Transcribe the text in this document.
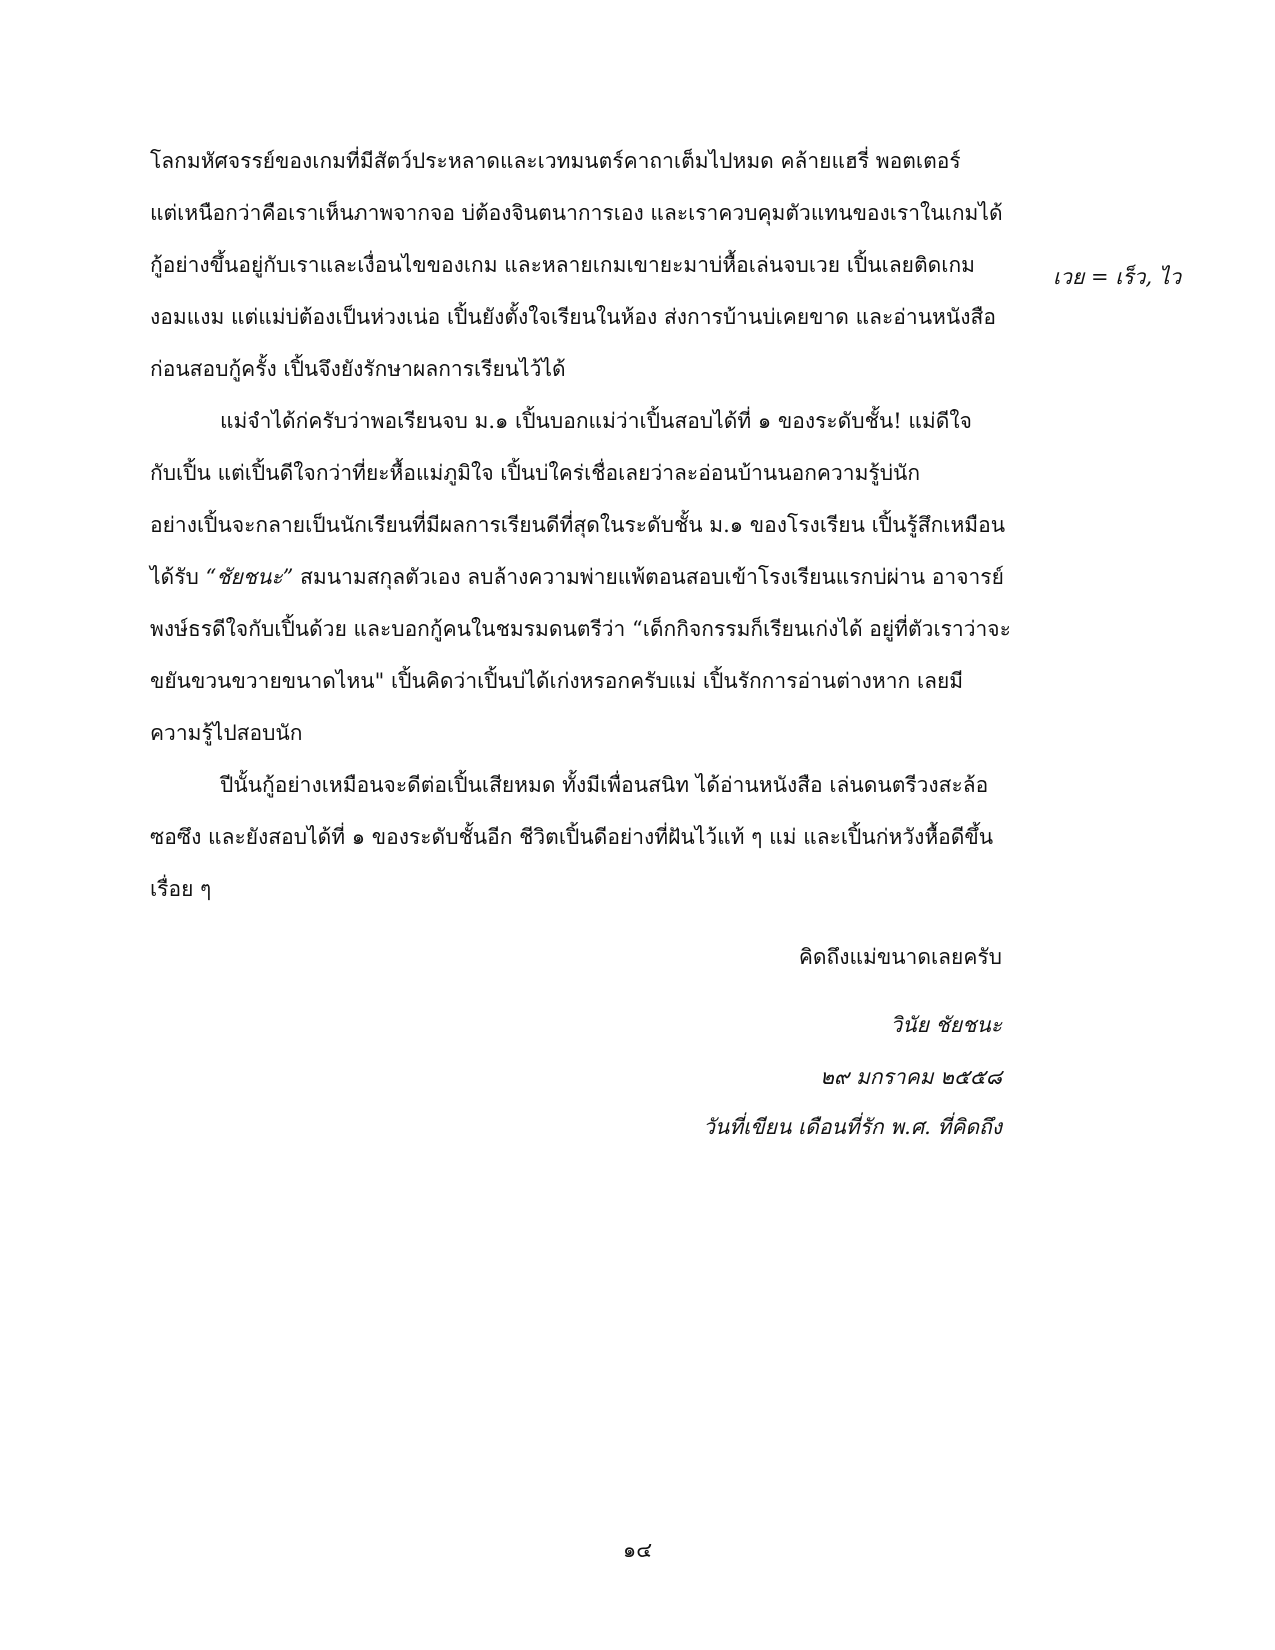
โลกมหัศจรรย์ของเกมที่มีสัตว์ประหลาดและเวทมนตร์คาถาเต็มไปหมด คล้ายแฮรี่ พอตเตอร์
แต่เหนือกว่าคือเราเห็นภาพจากจอ บ่ต้องจินตนาการเอง และเราควบคุมตัวแทนของเราในเกมได้
กู้อย่างขึ้นอยู่กับเราและเงื่อนไขของเกม และหลายเกมเขายะมาบ่หื้อเล่นจบเวย เปิ้นเลยติดเกม
งอมแงม แต่แม่บ่ต้องเป็นห่วงเน่อ เปิ้นยังตั้งใจเรียนในห้อง ส่งการบ้านบ่เคยขาด และอ่านหนังสือ
ก่อนสอบกู้ครั้ง เปิ้นจึงยังรักษาผลการเรียนไว้ได้
เวย = เร็ว, ไว
แม่จำได้ก่ครับว่าพอเรียนจบ ม.๑ เปิ้นบอกแม่ว่าเปิ้นสอบได้ที่ ๑ ของระดับชั้น! แม่ดีใจ
กับเปิ้น แต่เปิ้นดีใจกว่าที่ยะหื้อแม่ภูมิใจ เปิ้นบ่ใคร่เชื่อเลยว่าละอ่อนบ้านนอกความรู้บ่นัก
อย่างเปิ้นจะกลายเป็นนักเรียนที่มีผลการเรียนดีที่สุดในระดับชั้น ม.๑ ของโรงเรียน เปิ้นรู้สึกเหมือน
ได้รับ “ชัยชนะ” สมนามสกุลตัวเอง ลบล้างความพ่ายแพ้ตอนสอบเข้าโรงเรียนแรกบ่ผ่าน อาจารย์
พงษ์ธรดีใจกับเปิ้นด้วย และบอกกู้คนในชมรมดนตรีว่า “เด็กกิจกรรมก็เรียนเก่งได้ อยู่ที่ตัวเราว่าจะ
ขยันขวนขวายขนาดไหน" เปิ้นคิดว่าเปิ้นบ่ได้เก่งหรอกครับแม่ เปิ้นรักการอ่านต่างหาก เลยมี
ความรู้ไปสอบนัก
ปีนั้นกู้อย่างเหมือนจะดีต่อเปิ้นเสียหมด ทั้งมีเพื่อนสนิท ได้อ่านหนังสือ เล่นดนตรีวงสะล้อ
ซอซึง และยังสอบได้ที่ ๑ ของระดับชั้นอีก ชีวิตเปิ้นดีอย่างที่ฝันไว้แท้ ๆ แม่ และเปิ้นก่หวังหื้อดีขึ้น
เรื่อย ๆ
คิดถึงแม่ขนาดเลยครับ
วินัย ชัยชนะ
๒๙ มกราคม ๒๕๕๘
วันที่เขียน เดือนที่รัก พ.ศ. ที่คิดถึง
๑๔
